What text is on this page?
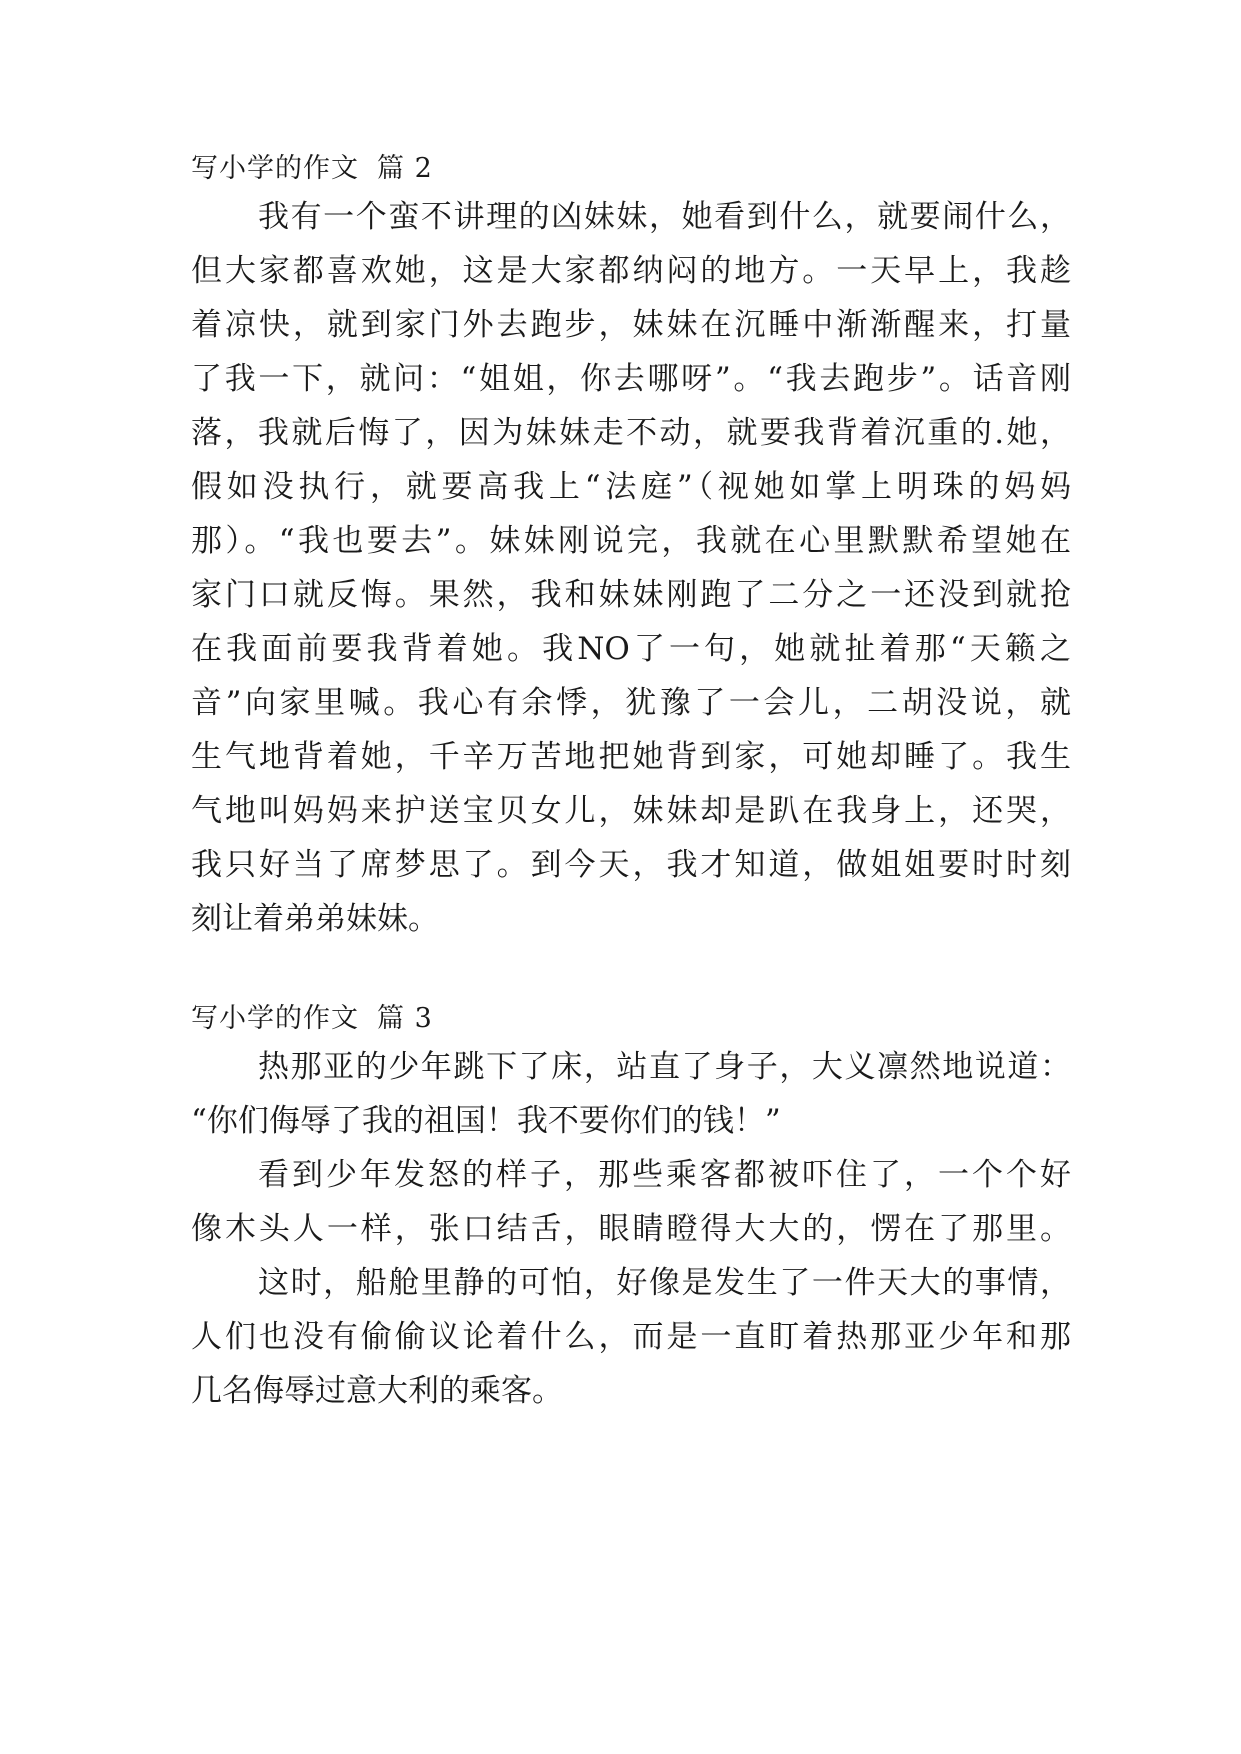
写小学的作文 篇 2
我有一个蛮不讲理的凶妹妹，她看到什么，就要闹什么，
但大家都喜欢她，这是大家都纳闷的地方。一天早上，我趁
着凉快，就到家门外去跑步，妹妹在沉睡中渐渐醒来，打量
了我一下，就问：“姐姐，你去哪呀”。“我去跑步”。话音刚
落，我就后悔了，因为妹妹走不动，就要我背着沉重的.她，
假如没执行，就要高我上“法庭”（视她如掌上明珠的妈妈
那）。“我也要去”。妹妹刚说完，我就在心里默默希望她在
家门口就反悔。果然，我和妹妹刚跑了二分之一还没到就抢
在我面前要我背着她。我NO了一句，她就扯着那“天籁之
音”向家里喊。我心有余悸，犹豫了一会儿，二胡没说，就
生气地背着她，千辛万苦地把她背到家，可她却睡了。我生
气地叫妈妈来护送宝贝女儿，妹妹却是趴在我身上，还哭，
我只好当了席梦思了。到今天，我才知道，做姐姐要时时刻
刻让着弟弟妹妹。
写小学的作文 篇 3
热那亚的少年跳下了床，站直了身子，大义凛然地说道：
“你们侮辱了我的祖国！我不要你们的钱！”
看到少年发怒的样子，那些乘客都被吓住了，一个个好
像木头人一样，张口结舌，眼睛瞪得大大的，愣在了那里。
这时，船舱里静的可怕，好像是发生了一件天大的事情，
人们也没有偷偷议论着什么，而是一直盯着热那亚少年和那
几名侮辱过意大利的乘客。
